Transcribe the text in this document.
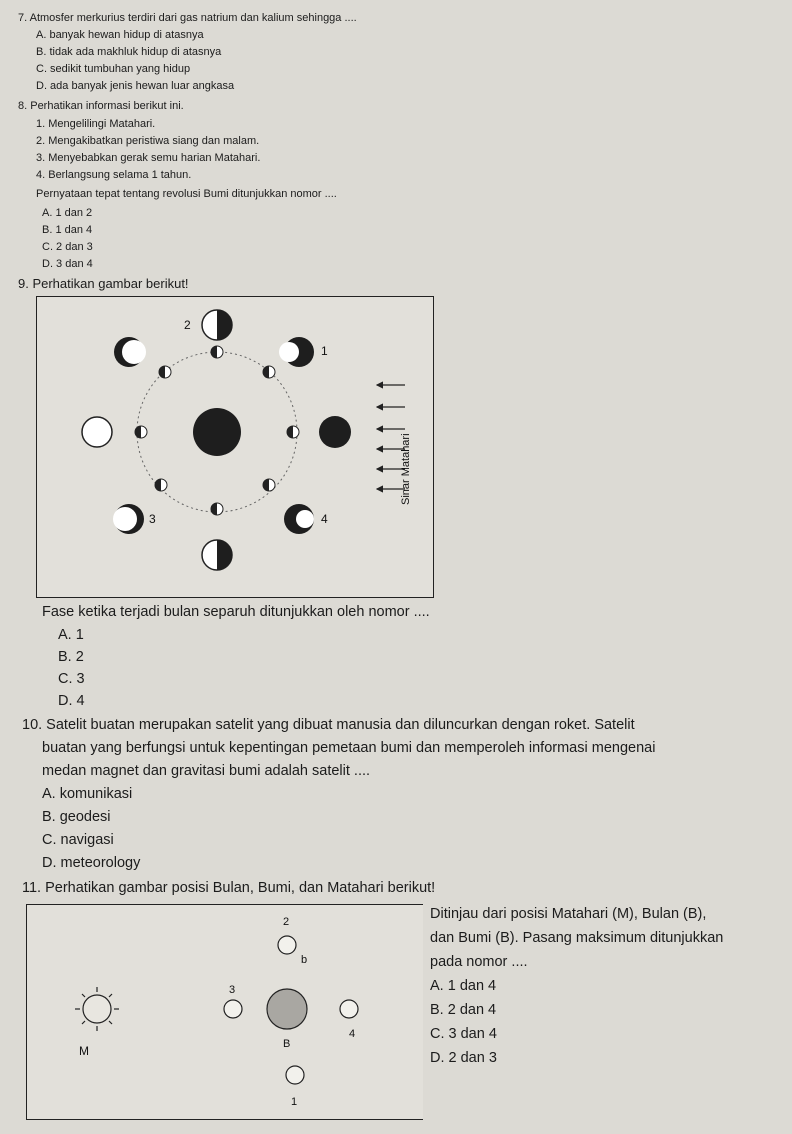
7. Atmosfer merkurius terdiri dari gas natrium dan kalium sehingga ....
A. banyak hewan hidup di atasnya
B. tidak ada makhluk hidup di atasnya
C. sedikit tumbuhan yang hidup
D. ada banyak jenis hewan luar angkasa
8. Perhatikan informasi berikut ini.
1. Mengelilingi Matahari.
2. Mengakibatkan peristiwa siang dan malam.
3. Menyebabkan gerak semu harian Matahari.
4. Berlangsung selama 1 tahun.
Pernyataan tepat tentang revolusi Bumi ditunjukkan nomor ....
A. 1 dan 2
B. 1 dan 4
C. 2 dan 3
D. 3 dan 4
9. Perhatikan gambar berikut!
2
1
3	4
Sinar Matahari
Fase ketika terjadi bulan separuh ditunjukkan oleh nomor ....
A. 1
B. 2
C. 3
D. 4
10. Satelit buatan merupakan satelit yang dibuat manusia dan diluncurkan dengan roket. Satelit
buatan yang berfungsi untuk kepentingan pemetaan bumi dan memperoleh informasi mengenai
medan magnet dan gravitasi bumi adalah satelit ....
A. komunikasi
B. geodesi
C. navigasi
D. meteorology
11. Perhatikan gambar posisi Bulan, Bumi, dan Matahari berikut!
M	B
2
b
3
4
1
Ditinjau dari posisi Matahari (M), Bulan (B),
dan Bumi (B). Pasang maksimum ditunjukkan
pada nomor ....
A. 1 dan 4
B. 2 dan 4
C. 3 dan 4
D. 2 dan 3
